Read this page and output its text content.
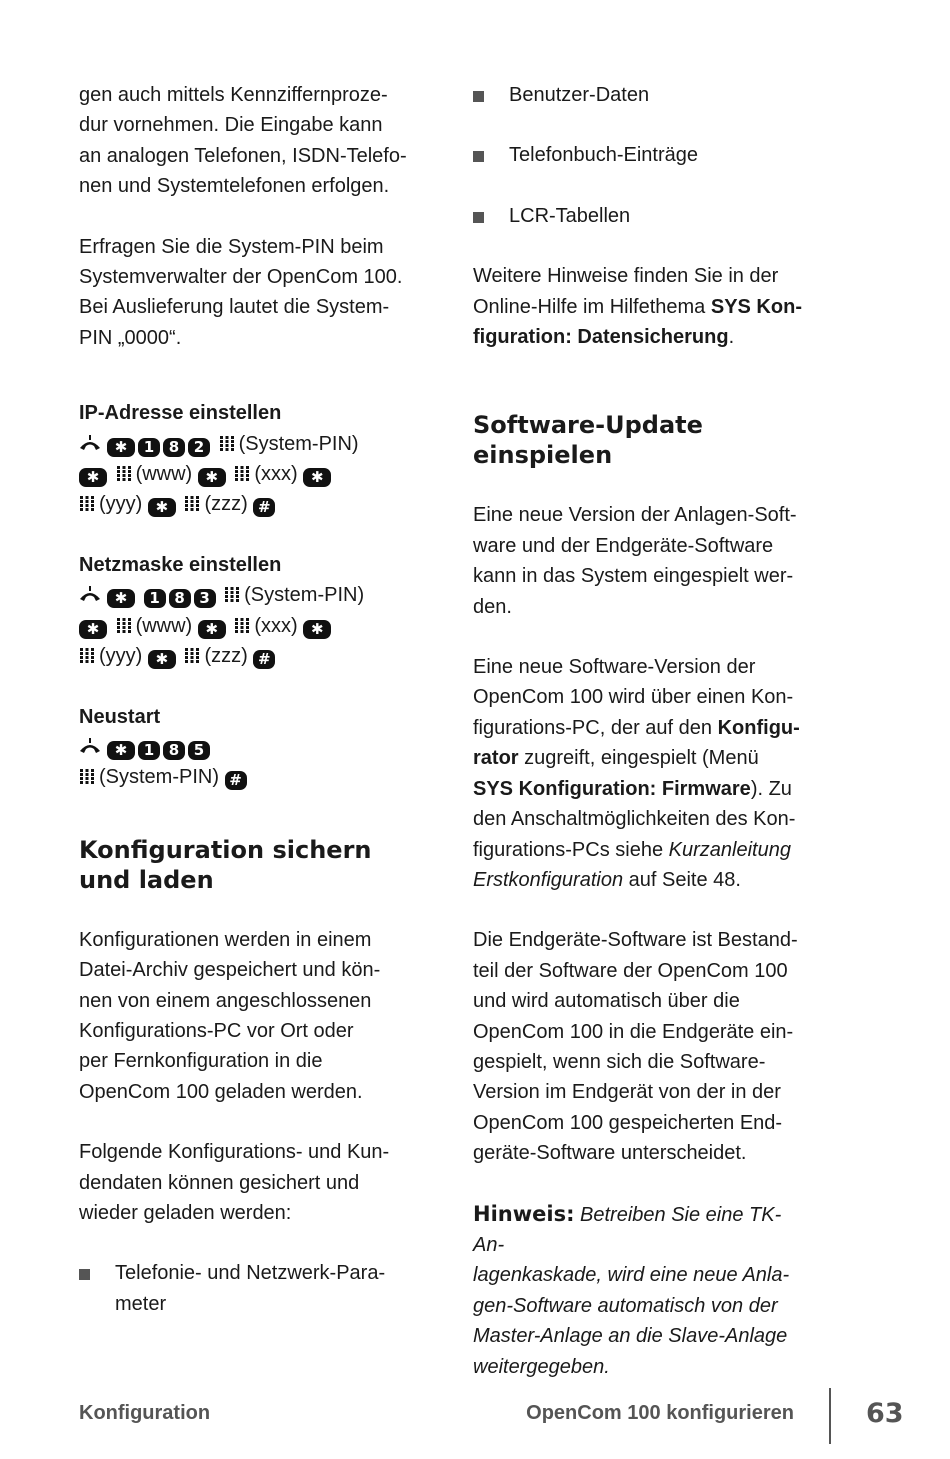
gen auch mittels Kennziffernproze-

dur vornehmen. Die Eingabe kann

an analogen Telefonen, ISDN-Telefo-

nen und Systemtelefonen erfolgen.

Erfragen Sie die System-PIN beim

Systemverwalter der OpenCom 100.

Bei Auslieferung lautet die System-

PIN „0000“.

IP-Adresse einstellen

✱ 1 8 2 (System-PIN)

✱ (www) ✱ (xxx) ✱

(yyy) ✱ (zzz) #

Netzmaske einstellen

✱ 1 8 3 (System-PIN)

✱ (www) ✱ (xxx) ✱

(yyy) ✱ (zzz) #

Neustart

✱ 1 8 5

(System-PIN) #

Konfiguration sichern
und laden

Konfigurationen werden in einem

Datei-Archiv gespeichert und kön-

nen von einem angeschlossenen

Konfigurations-PC vor Ort oder

per Fernkonfiguration in die

OpenCom 100 geladen werden.

Folgende Konfigurations- und Kun-

dendaten können gesichert und

wieder geladen werden:

Telefonie- und Netzwerk-Para-

meter

Benutzer-Daten

Telefonbuch-Einträge

LCR-Tabellen

Weitere Hinweise finden Sie in der

Online-Hilfe im Hilfethema SYS Kon-

figuration: Datensicherung.

Software-Update
einspielen

Eine neue Version der Anlagen-Soft-

ware und der Endgeräte-Software

kann in das System eingespielt wer-

den.

Eine neue Software-Version der

OpenCom 100 wird über einen Kon-

figurations-PC, der auf den Konfigu-

rator zugreift, eingespielt (Menü

SYS Konfiguration: Firmware). Zu

den Anschaltmöglichkeiten des Kon-

figurations-PCs siehe Kurzanleitung

Erstkonfiguration auf Seite 48.

Die Endgeräte-Software ist Bestand-

teil der Software der OpenCom 100

und wird automatisch über die

OpenCom 100 in die Endgeräte ein-

gespielt, wenn sich die Software-

Version im Endgerät von der in der

OpenCom 100 gespeicherten End-

geräte-Software unterscheidet.

Hinweis: Betreiben Sie eine TK-An-

lagenkaskade, wird eine neue Anla-

gen-Software automatisch von der

Master-Anlage an die Slave-Anlage

weitergegeben.

Konfiguration	OpenCom 100 konfigurieren	63
